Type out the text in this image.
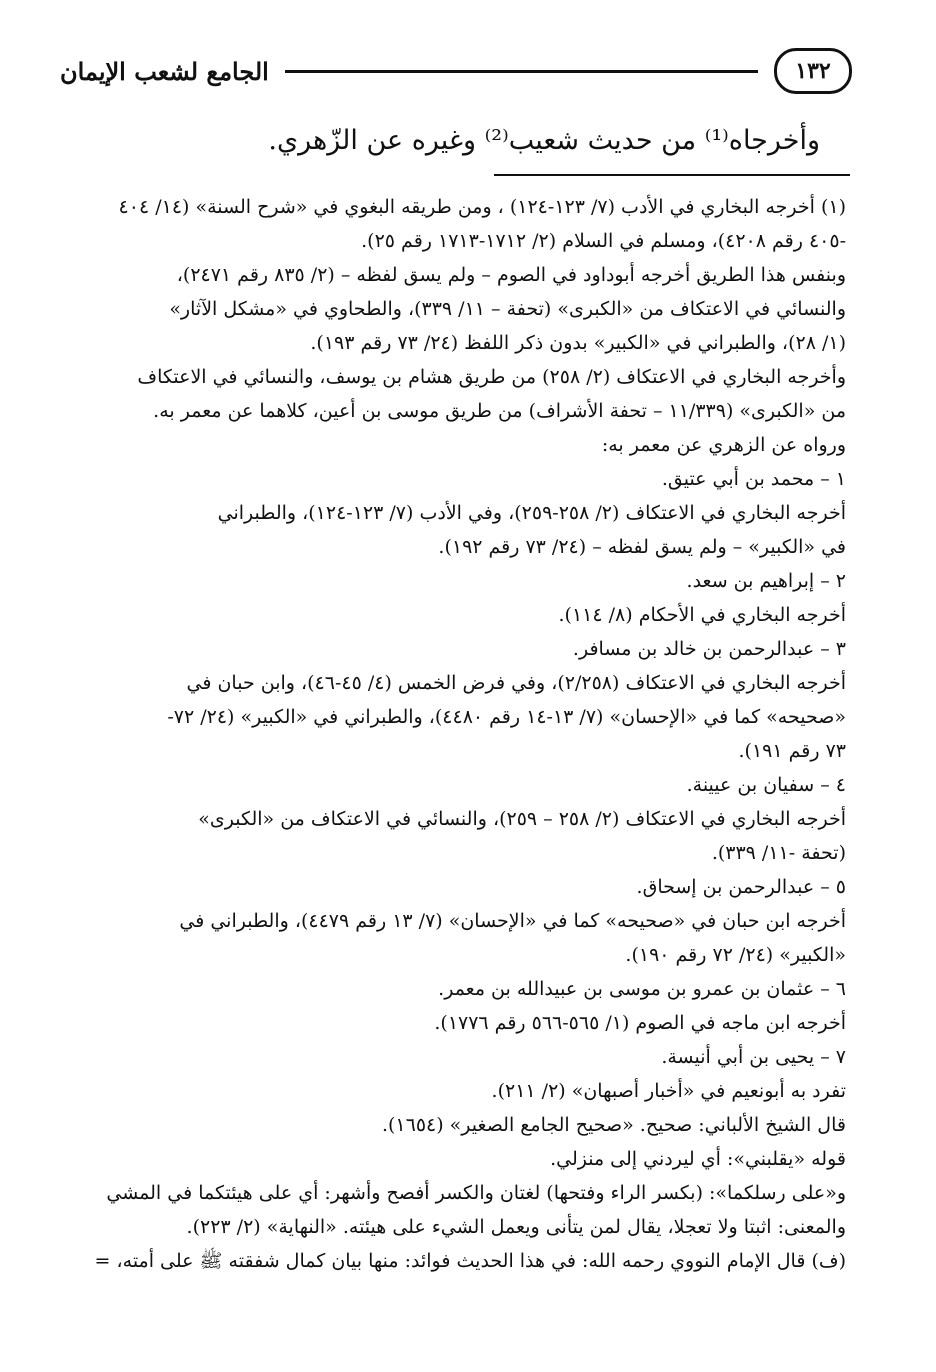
١٣٢
الجامع لشعب الإيمان
وأخرجاه⁽¹⁾ من حديث شعيب⁽²⁾ وغيره عن الزّهري.
(١) أخرجه البخاري في الأدب (٧/ ١٢٣-١٢٤) ، ومن طريقه البغوي في «شرح السنة» (١٤/ ٤٠٤
-٤٠٥ رقم ٤٢٠٨)، ومسلم في السلام (٢/ ١٧١٢-١٧١٣ رقم ٢٥).
وبنفس هذا الطريق أخرجه أبوداود في الصوم – ولم يسق لفظه – (٢/ ٨٣٥ رقم ٢٤٧١)،
والنسائي في الاعتكاف من «الكبرى» (تحفة – ١١/ ٣٣٩)، والطحاوي في «مشكل الآثار»
(١/ ٢٨)، والطبراني في «الكبير» بدون ذكر اللفظ (٢٤/ ٧٣ رقم ١٩٣).
وأخرجه البخاري في الاعتكاف (٢/ ٢٥٨) من طريق هشام بن يوسف، والنسائي في الاعتكاف
من «الكبرى» (١١/٣٣٩ – تحفة الأشراف) من طريق موسى بن أعين، كلاهما عن معمر به.
ورواه عن الزهري عن معمر به:
١ – محمد بن أبي عتيق.
أخرجه البخاري في الاعتكاف (٢/ ٢٥٨-٢٥٩)، وفي الأدب (٧/ ١٢٣-١٢٤)، والطبراني
في «الكبير» – ولم يسق لفظه – (٢٤/ ٧٣ رقم ١٩٢).
٢ – إبراهيم بن سعد.
أخرجه البخاري في الأحكام (٨/ ١١٤).
٣ – عبدالرحمن بن خالد بن مسافر.
أخرجه البخاري في الاعتكاف (٢/٢٥٨)، وفي فرض الخمس (٤/ ٤٥-٤٦)، وابن حبان في
«صحيحه» كما في «الإحسان» (٧/ ١٣-١٤ رقم ٤٤٨٠)، والطبراني في «الكبير» (٢٤/ ٧٢-
٧٣ رقم ١٩١).
٤ – سفيان بن عيينة.
أخرجه البخاري في الاعتكاف (٢/ ٢٥٨ – ٢٥٩)، والنسائي في الاعتكاف من «الكبرى»
(تحفة -١١/ ٣٣٩).
٥ – عبدالرحمن بن إسحاق.
أخرجه ابن حبان في «صحيحه» كما في «الإحسان» (٧/ ١٣ رقم ٤٤٧٩)، والطبراني في
«الكبير» (٢٤/ ٧٢ رقم ١٩٠).
٦ – عثمان بن عمرو بن موسى بن عبيدالله بن معمر.
أخرجه ابن ماجه في الصوم (١/ ٥٦٥-٥٦٦ رقم ١٧٧٦).
٧ – يحيى بن أبي أنيسة.
تفرد به أبونعيم في «أخبار أصبهان» (٢/ ٢١١).
قال الشيخ الألباني: صحيح. «صحيح الجامع الصغير» (١٦٥٤).
قوله «يقلبني»: أي ليردني إلى منزلي.
و«على رسلكما»: (بكسر الراء وفتحها) لغتان والكسر أفصح وأشهر: أي على هيئتكما في المشي
والمعنى: اثبتا ولا تعجلا، يقال لمن يتأنى ويعمل الشيء على هيئته. «النهاية» (٢/ ٢٢٣).
(ف) قال الإمام النووي رحمه الله: في هذا الحديث فوائد: منها بيان كمال شفقته ﷺ على أمته، =
